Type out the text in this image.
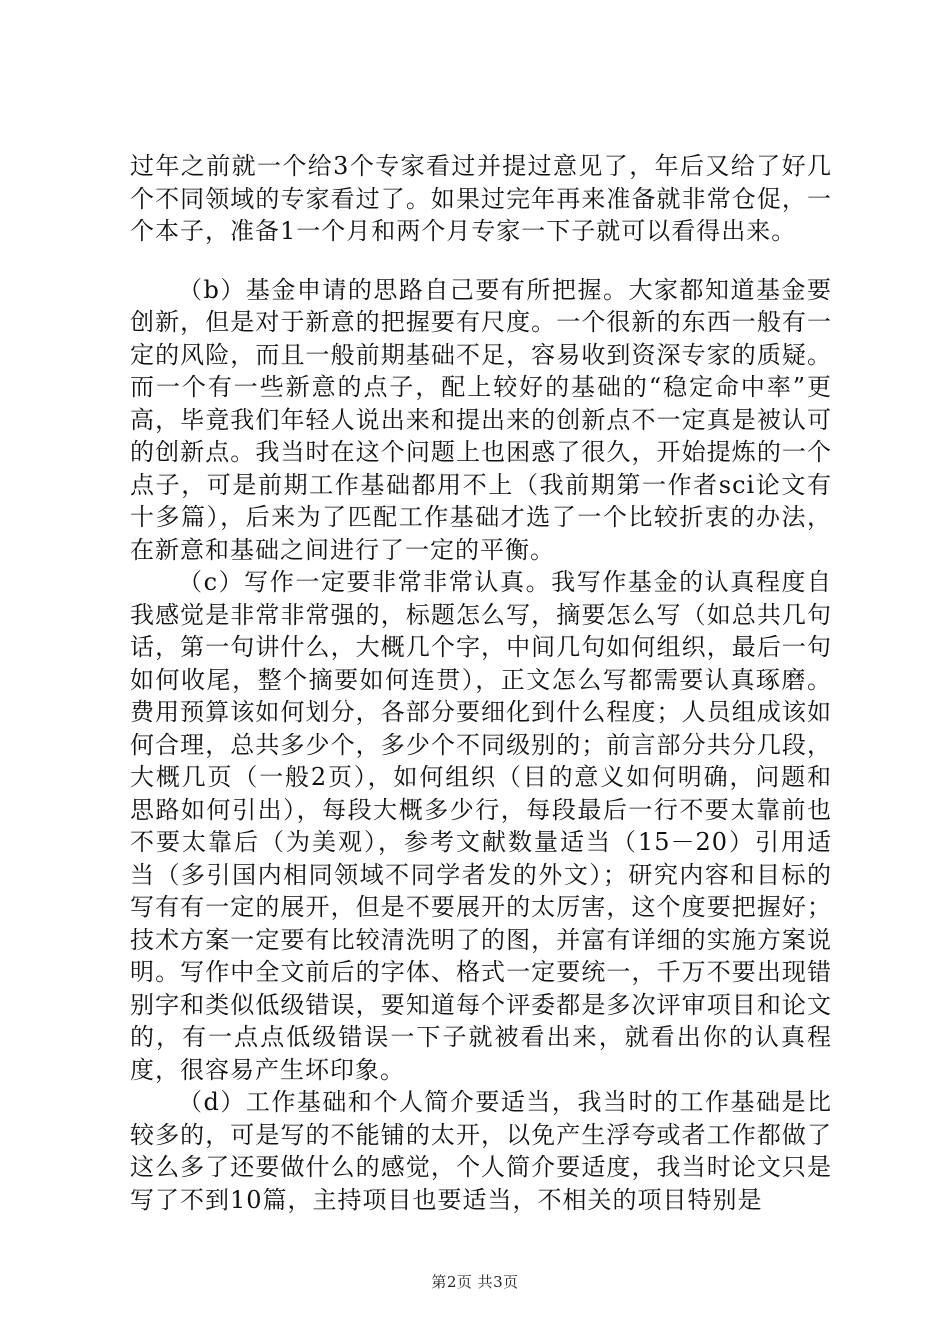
过年之前就一个给3个专家看过并提过意见了，年后又给了好几个不同领域的专家看过了。如果过完年再来准备就非常仓促，一个本子，准备1一个月和两个月专家一下子就可以看得出来。

（b）基金申请的思路自己要有所把握。大家都知道基金要创新，但是对于新意的把握要有尺度。一个很新的东西一般有一定的风险，而且一般前期基础不足，容易收到资深专家的质疑。而一个有一些新意的点子，配上较好的基础的“稳定命中率”更高，毕竟我们年轻人说出来和提出来的创新点不一定真是被认可的创新点。我当时在这个问题上也困惑了很久，开始提炼的一个点子，可是前期工作基础都用不上（我前期第一作者sci论文有十多篇），后来为了匹配工作基础才选了一个比较折衷的办法，在新意和基础之间进行了一定的平衡。

（c）写作一定要非常非常认真。我写作基金的认真程度自我感觉是非常非常强的，标题怎么写，摘要怎么写（如总共几句话，第一句讲什么，大概几个字，中间几句如何组织，最后一句如何收尾，整个摘要如何连贯），正文怎么写都需要认真琢磨。费用预算该如何划分，各部分要细化到什么程度；人员组成该如何合理，总共多少个，多少个不同级别的；前言部分共分几段，大概几页（一般2页），如何组织（目的意义如何明确，问题和思路如何引出），每段大概多少行，每段最后一行不要太靠前也不要太靠后（为美观），参考文献数量适当（15－20）引用适当（多引国内相同领域不同学者发的外文）；研究内容和目标的写有有一定的展开，但是不要展开的太厉害，这个度要把握好；技术方案一定要有比较清洗明了的图，并富有详细的实施方案说明。写作中全文前后的字体、格式一定要统一，千万不要出现错别字和类似低级错误，要知道每个评委都是多次评审项目和论文的，有一点点低级错误一下子就被看出来，就看出你的认真程度，很容易产生坏印象。

（d）工作基础和个人简介要适当，我当时的工作基础是比较多的，可是写的不能铺的太开，以免产生浮夸或者工作都做了这么多了还要做什么的感觉，个人简介要适度，我当时论文只是写了不到10篇，主持项目也要适当，不相关的项目特别是

第2页 共3页
